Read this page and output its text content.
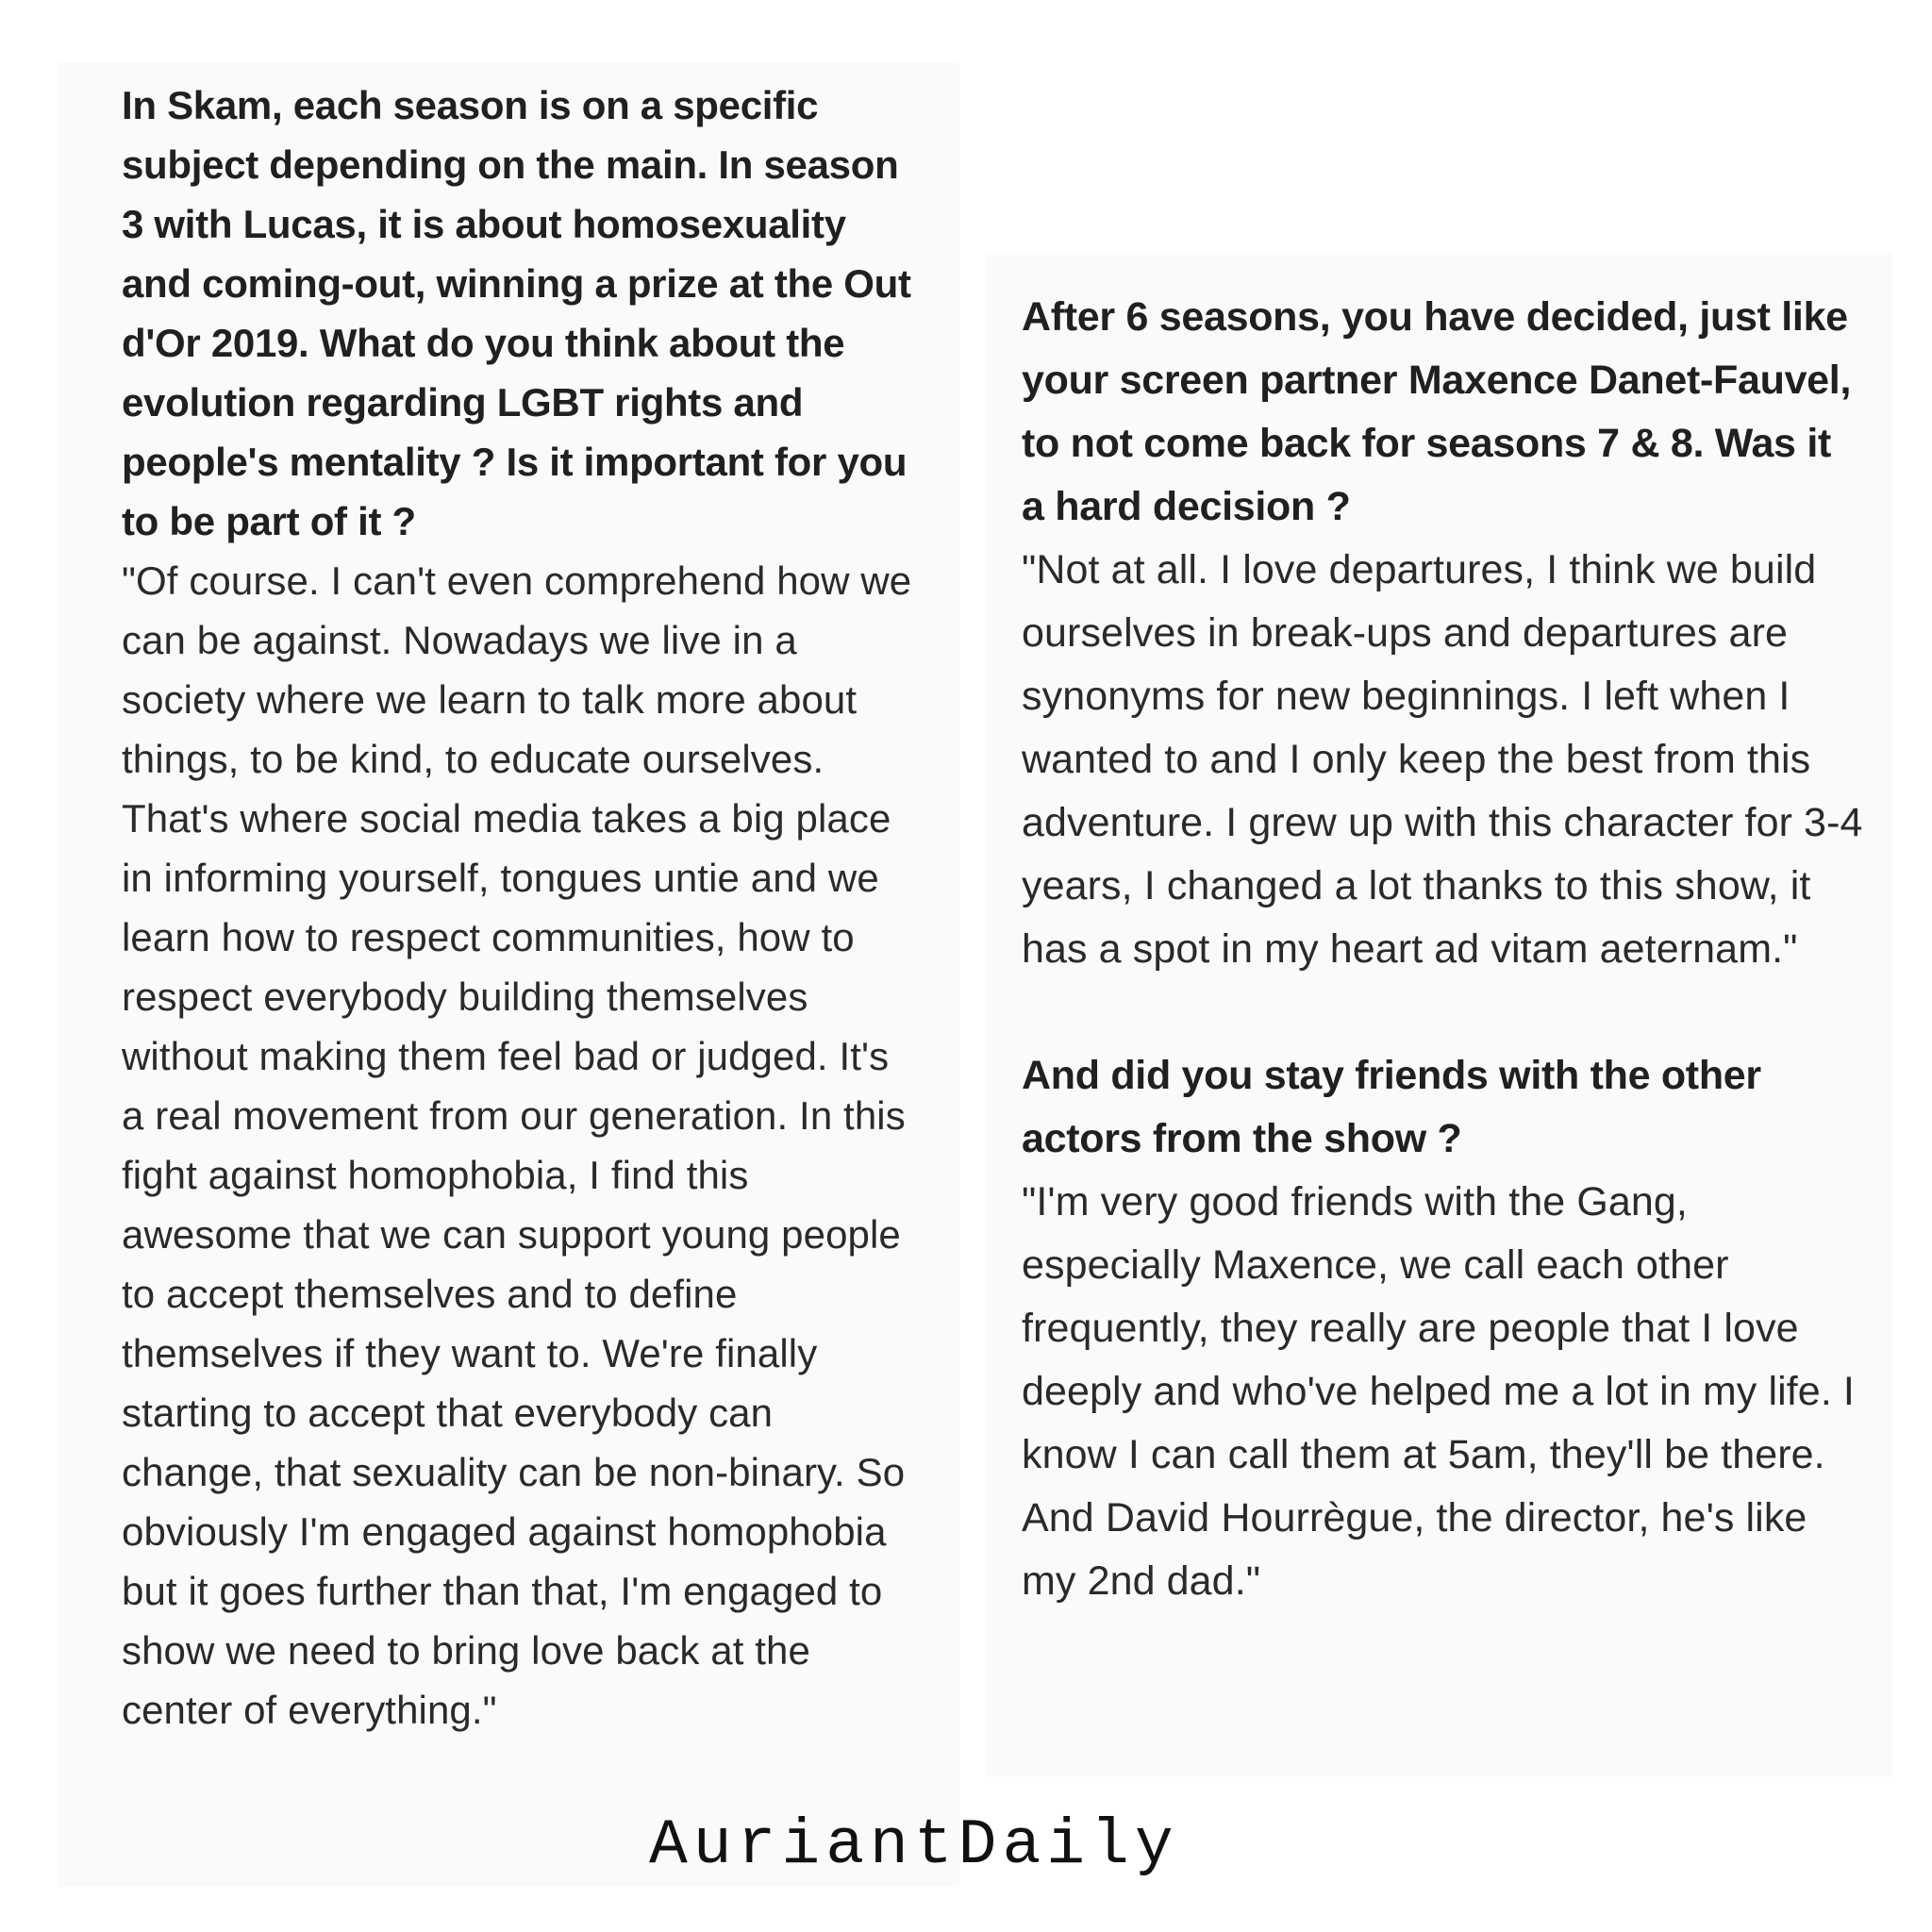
In Skam, each season is on a specific subject depending on the main. In season 3 with Lucas, it is about homosexuality and coming-out, winning a prize at the Out d'Or 2019. What do you think about the evolution regarding LGBT rights and people's mentality ? Is it important for you to be part of it ?

"Of course. I can't even comprehend how we can be against. Nowadays we live in a society where we learn to talk more about things, to be kind, to educate ourselves. That's where social media takes a big place in informing yourself, tongues untie and we learn how to respect communities, how to respect everybody building themselves without making them feel bad or judged. It's a real movement from our generation. In this fight against homophobia, I find this awesome that we can support young people to accept themselves and to define themselves if they want to. We're finally starting to accept that everybody can change, that sexuality can be non-binary. So obviously I'm engaged against homophobia but it goes further than that, I'm engaged to show we need to bring love back at the center of everything."

After 6 seasons, you have decided, just like your screen partner Maxence Danet-Fauvel, to not come back for seasons 7 & 8. Was it a hard decision ?

"Not at all. I love departures, I think we build ourselves in break-ups and departures are synonyms for new beginnings. I left when I wanted to and I only keep the best from this adventure. I grew up with this character for 3-4 years, I changed a lot thanks to this show, it has a spot in my heart ad vitam aeternam."

And did you stay friends with the other actors from the show ?

"I'm very good friends with the Gang, especially Maxence, we call each other frequently, they really are people that I love deeply and who've helped me a lot in my life. I know I can call them at 5am, they'll be there. And David Hourrègue, the director, he's like my 2nd dad."

AuriantDaily
